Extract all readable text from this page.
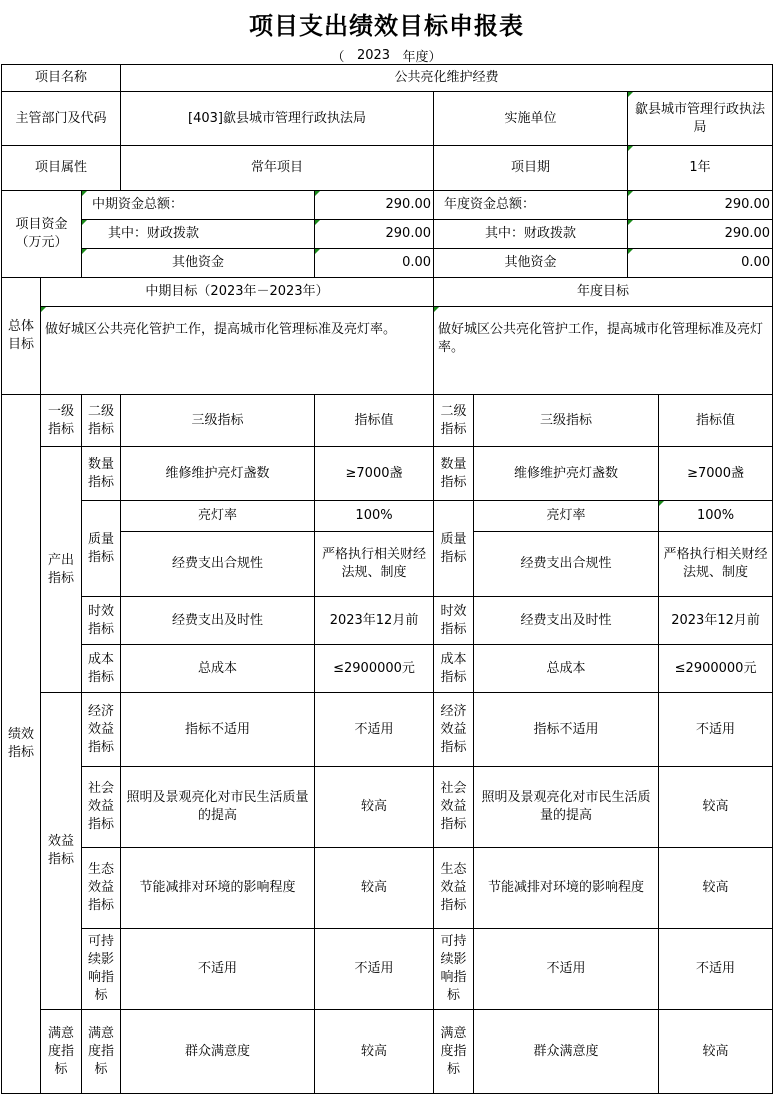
项目支出绩效目标申报表
（
2023
年度）
项目名称			公共亮化维护经费					
主管部门及代码			[403]歙县城市管理行政执法局		实施单位		歙县城市管理行政执法局	
项目属性			常年项目		项目期		1年	
项目资金（万元）		中期资金总额：		290.00	年度资金总额：		290.00	
		其中：财政拨款		290.00	其中：财政拨款		290.00	
		其他资金		0.00	其他资金		0.00	
总体目标	中期目标（2023年－2023年）				年度目标			
	做好城区公共亮化管护工作，提高城市化管理标准及亮灯率。				做好城区公共亮化管护工作，提高城市化管理标准及亮灯率。			
绩效指标	一级指标	二级指标	三级指标	指标值	二级指标	三级指标		指标值
	产出指标	数量指标	维修维护亮灯盏数	≥7000盏	数量指标	维修维护亮灯盏数		≥7000盏
		质量指标	亮灯率	100%	质量指标	亮灯率		100%
			经费支出合规性	严格执行相关财经法规、制度		经费支出合规性		严格执行相关财经法规、制度
		时效指标	经费支出及时性	2023年12月前	时效指标	经费支出及时性		2023年12月前
		成本指标	总成本	≤2900000元	成本指标	总成本		≤2900000元

	效益指标	经济效益指标	指标不适用	不适用	经济效益指标	指标不适用		不适用
		社会效益指标	照明及景观亮化对市民生活质量的提高	较高	社会效益指标	照明及景观亮化对市民生活质量的提高		较高
		生态效益指标	节能减排对环境的影响程度	较高	生态效益指标	节能减排对环境的影响程度		较高
		可持续影响指标	不适用	不适用	可持续影响指标	不适用		不适用
	满意度指标	满意度指标	群众满意度	较高	满意度指标	群众满意度		较高
